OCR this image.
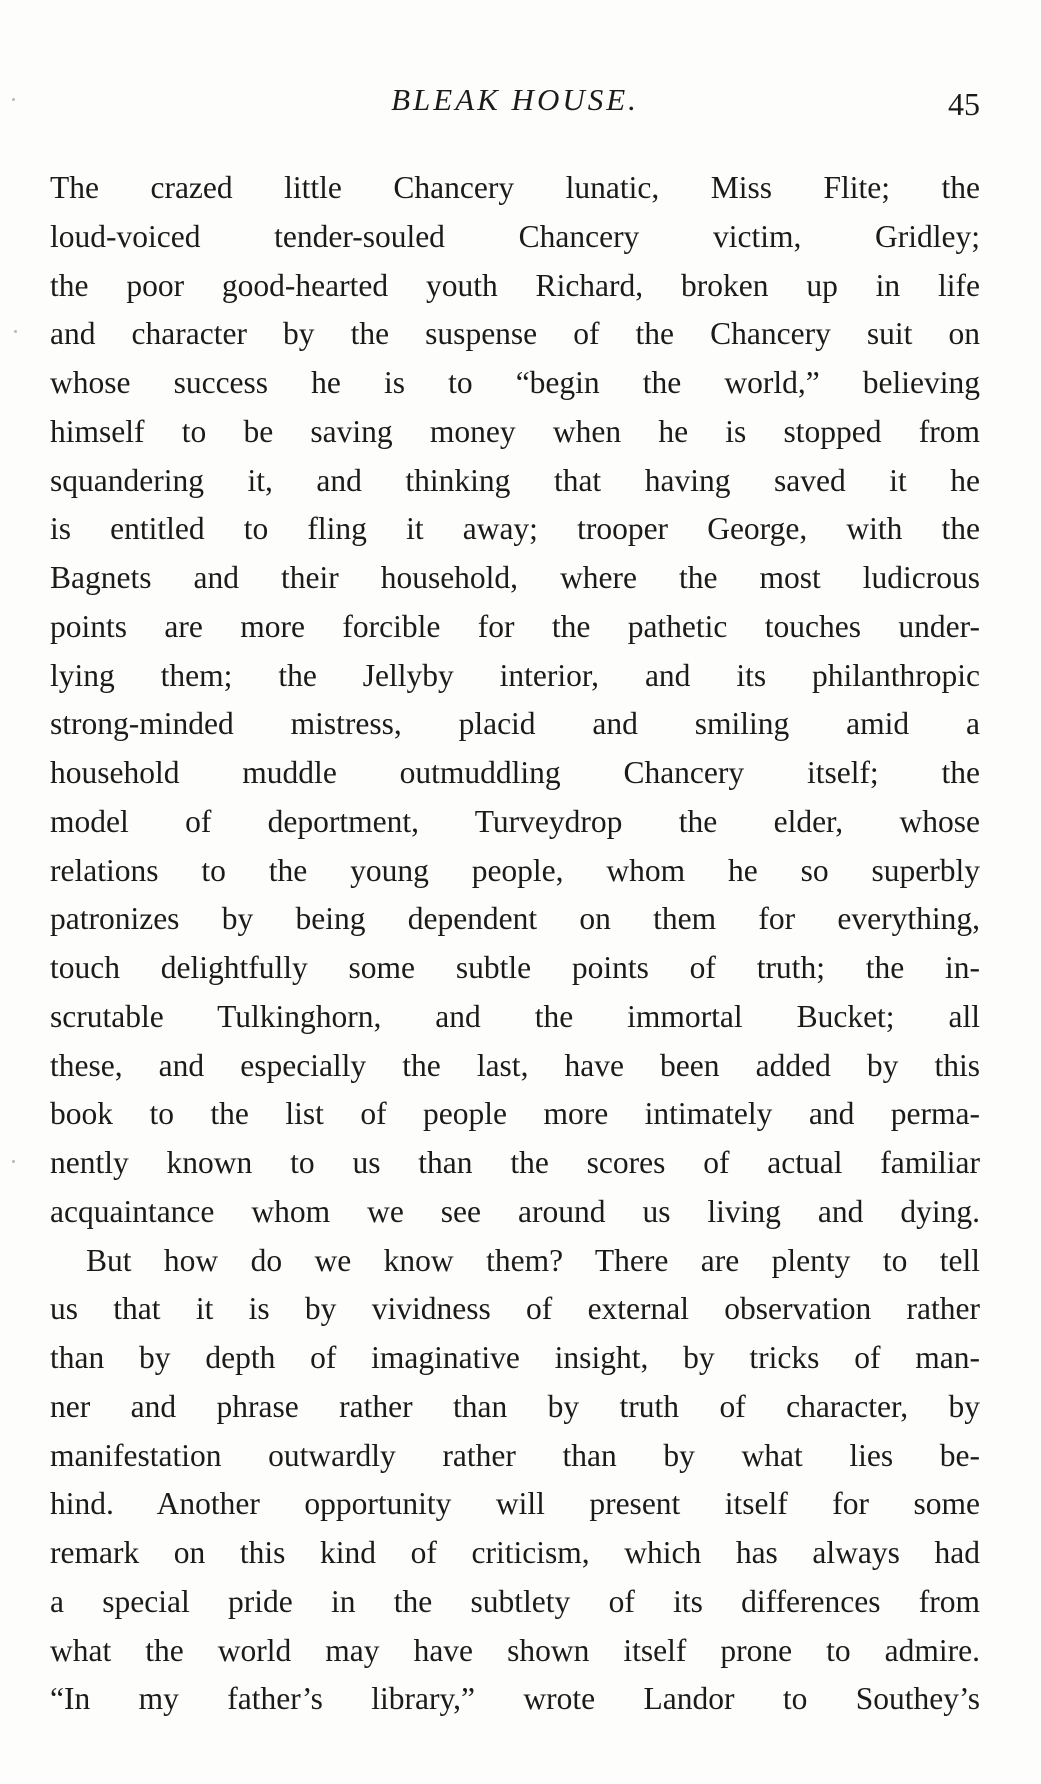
BLEAK HOUSE.	45
The crazed little Chancery lunatic, Miss Flite; the
loud-voiced tender-souled Chancery victim, Gridley;
the poor good-hearted youth Richard, broken up in life
and character by the suspense of the Chancery suit on
whose success he is to “begin the world,” believing
himself to be saving money when he is stopped from
squandering it, and thinking that having saved it he
is entitled to fling it away; trooper George, with the
Bagnets and their household, where the most ludicrous
points are more forcible for the pathetic touches under-
lying them; the Jellyby interior, and its philanthropic
strong-minded mistress, placid and smiling amid a
household muddle outmuddling Chancery itself; the
model of deportment, Turveydrop the elder, whose
relations to the young people, whom he so superbly
patronizes by being dependent on them for everything,
touch delightfully some subtle points of truth; the in-
scrutable Tulkinghorn, and the immortal Bucket; all
these, and especially the last, have been added by this
book to the list of people more intimately and perma-
nently known to us than the scores of actual familiar
acquaintance whom we see around us living and dying.
But how do we know them? There are plenty to tell
us that it is by vividness of external observation rather
than by depth of imaginative insight, by tricks of man-
ner and phrase rather than by truth of character, by
manifestation outwardly rather than by what lies be-
hind. Another opportunity will present itself for some
remark on this kind of criticism, which has always had
a special pride in the subtlety of its differences from
what the world may have shown itself prone to admire.
“In my father’s library,” wrote Landor to Southey’s
